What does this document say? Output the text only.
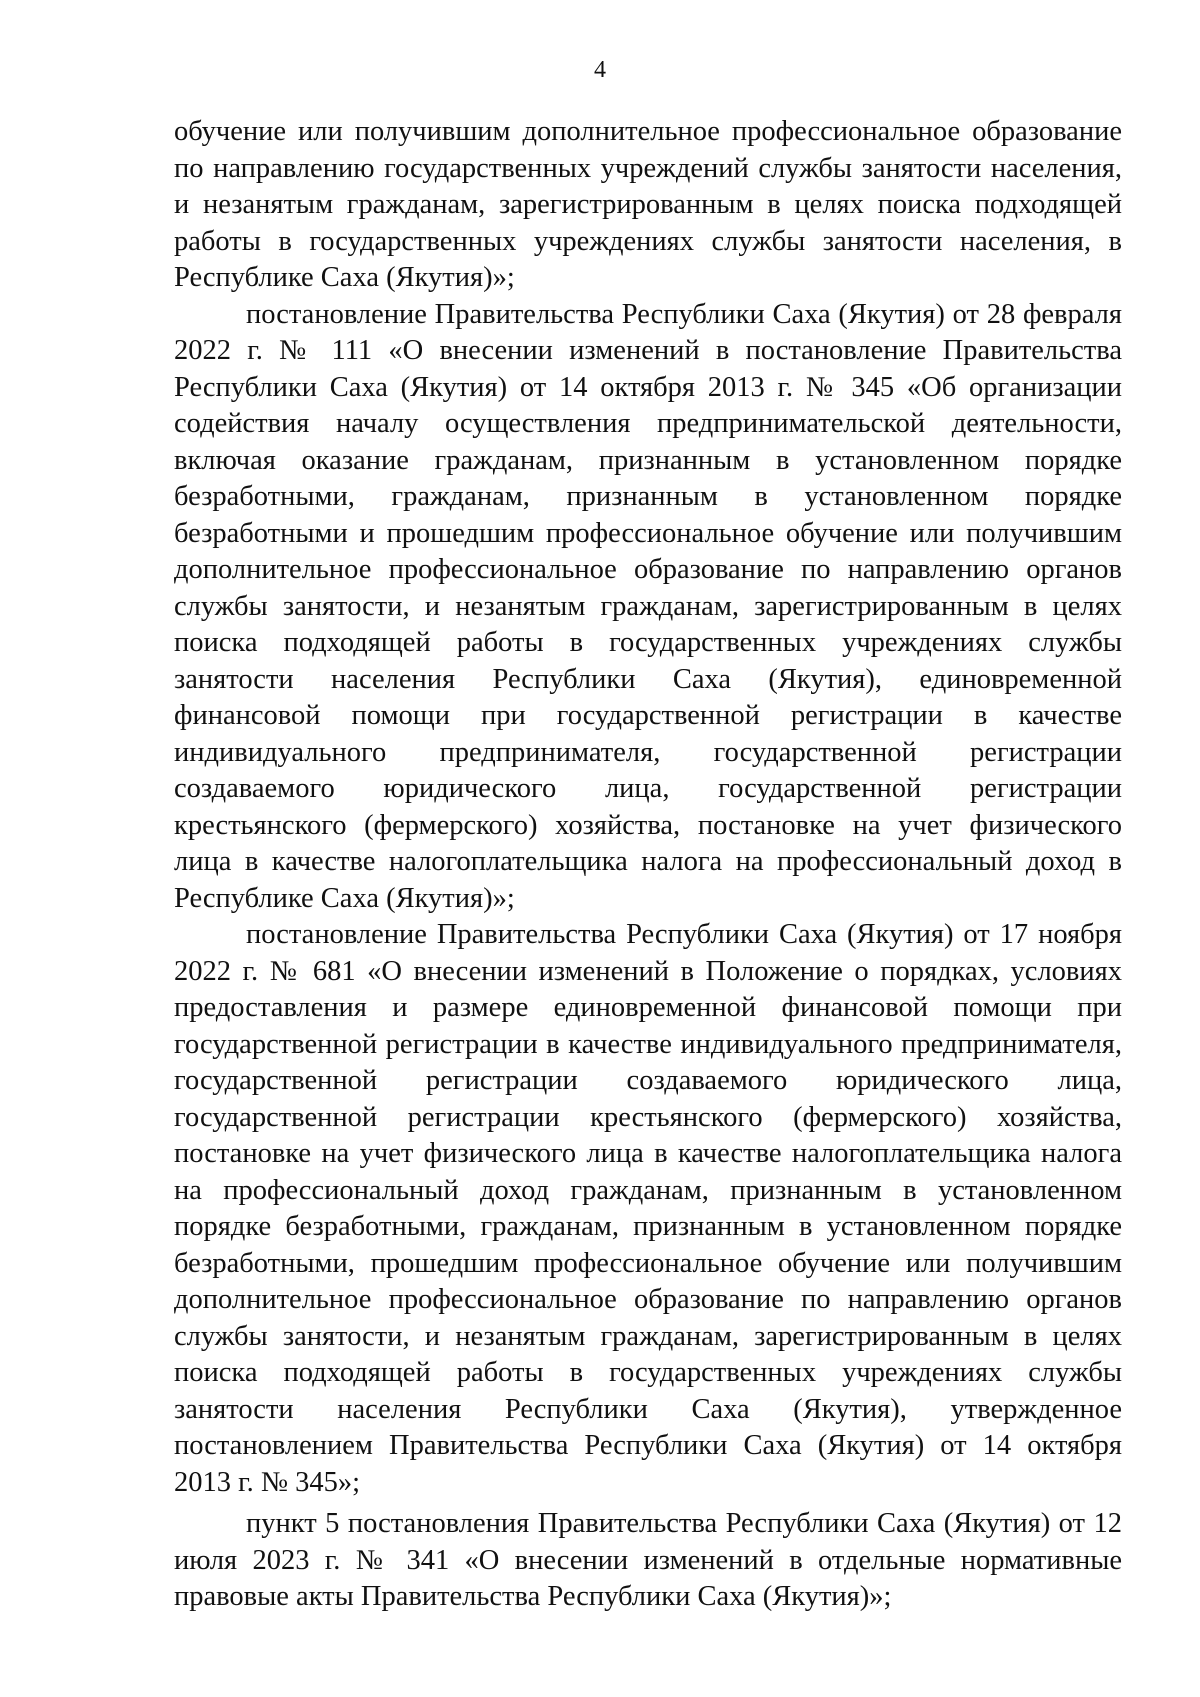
4

обучение или получившим дополнительное профессиональное образование по направлению государственных учреждений службы занятости населения, и незанятым гражданам, зарегистрированным в целях поиска подходящей работы в государственных учреждениях службы занятости населения, в Республике Саха (Якутия)»;

постановление Правительства Республики Саха (Якутия) от 28 февраля 2022 г. № 111 «О внесении изменений в постановление Правительства Республики Саха (Якутия) от 14 октября 2013 г. № 345 «Об организации содействия началу осуществления предпринимательской деятельности, включая оказание гражданам, признанным в установленном порядке безработными, гражданам, признанным в установленном порядке безработными и прошедшим профессиональное обучение или получившим дополнительное профессиональное образование по направлению органов службы занятости, и незанятым гражданам, зарегистрированным в целях поиска подходящей работы в государственных учреждениях службы занятости населения Республики Саха (Якутия), единовременной финансовой помощи при государственной регистрации в качестве индивидуального предпринимателя, государственной регистрации создаваемого юридического лица, государственной регистрации крестьянского (фермерского) хозяйства, постановке на учет физического лица в качестве налогоплательщика налога на профессиональный доход в Республике Саха (Якутия)»;

постановление Правительства Республики Саха (Якутия) от 17 ноября 2022 г. № 681 «О внесении изменений в Положение о порядках, условиях предоставления и размере единовременной финансовой помощи при государственной регистрации в качестве индивидуального предпринимателя, государственной регистрации создаваемого юридического лица, государственной регистрации крестьянского (фермерского) хозяйства, постановке на учет физического лица в качестве налогоплательщика налога на профессиональный доход гражданам, признанным в установленном порядке безработными, гражданам, признанным в установленном порядке безработными, прошедшим профессиональное обучение или получившим дополнительное профессиональное образование по направлению органов службы занятости, и незанятым гражданам, зарегистрированным в целях поиска подходящей работы в государственных учреждениях службы занятости населения Республики Саха (Якутия), утвержденное постановлением Правительства Республики Саха (Якутия) от 14 октября 2013 г. № 345»;

пункт 5 постановления Правительства Республики Саха (Якутия) от 12 июля 2023 г. № 341 «О внесении изменений в отдельные нормативные правовые акты Правительства Республики Саха (Якутия)»;
